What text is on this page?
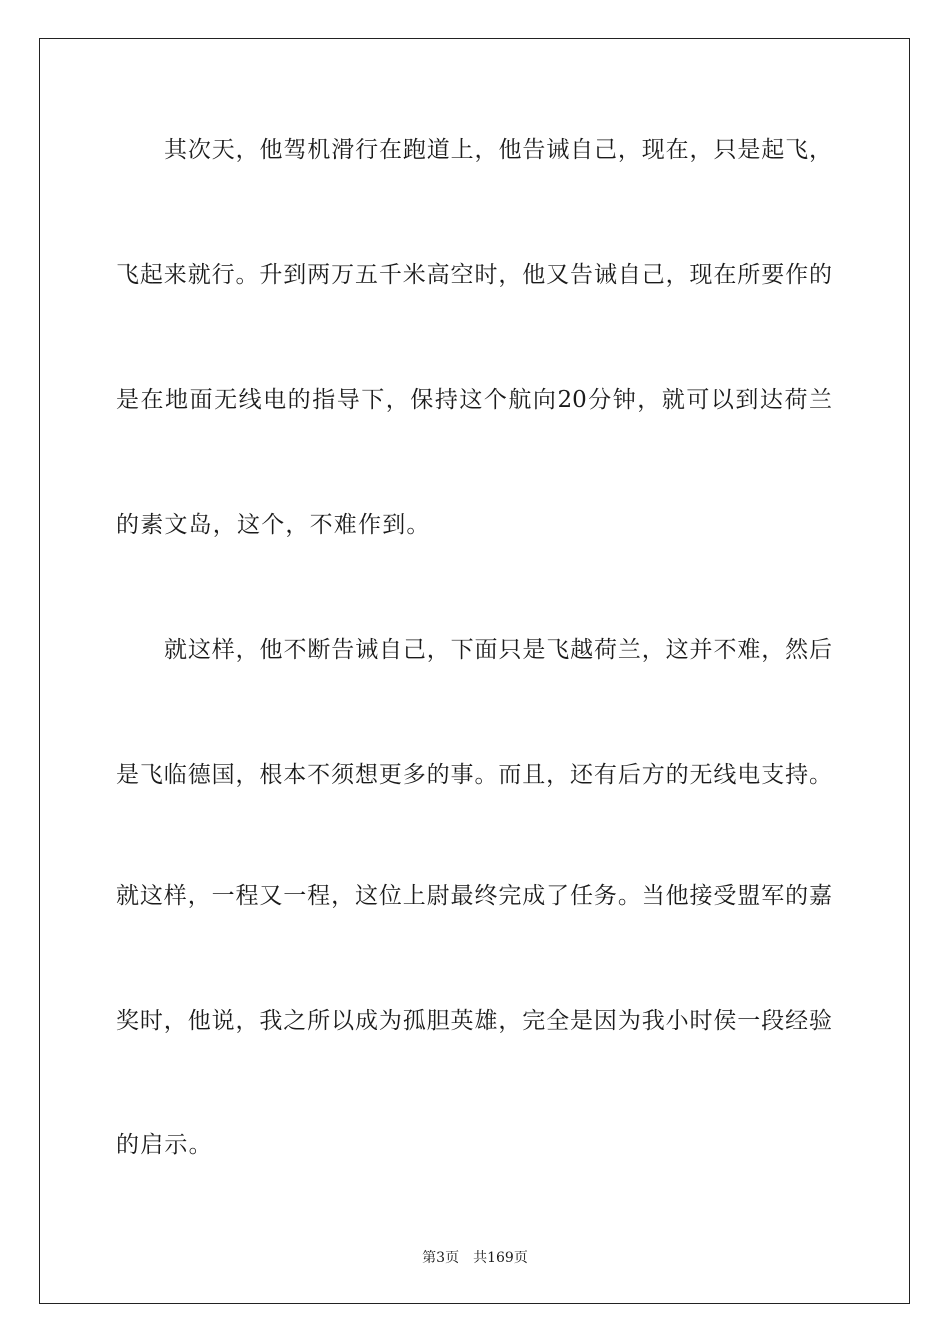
其次天，他驾机滑行在跑道上，他告诫自己，现在，只是起飞，
飞起来就行。升到两万五千米高空时，他又告诫自己，现在所要作的
是在地面无线电的指导下，保持这个航向20分钟，就可以到达荷兰
的素文岛，这个，不难作到。
就这样，他不断告诫自己，下面只是飞越荷兰，这并不难，然后
是飞临德国，根本不须想更多的事。而且，还有后方的无线电支持。
就这样，一程又一程，这位上尉最终完成了任务。当他接受盟军的嘉
奖时，他说，我之所以成为孤胆英雄，完全是因为我小时侯一段经验
的启示。
第3页 共169页
